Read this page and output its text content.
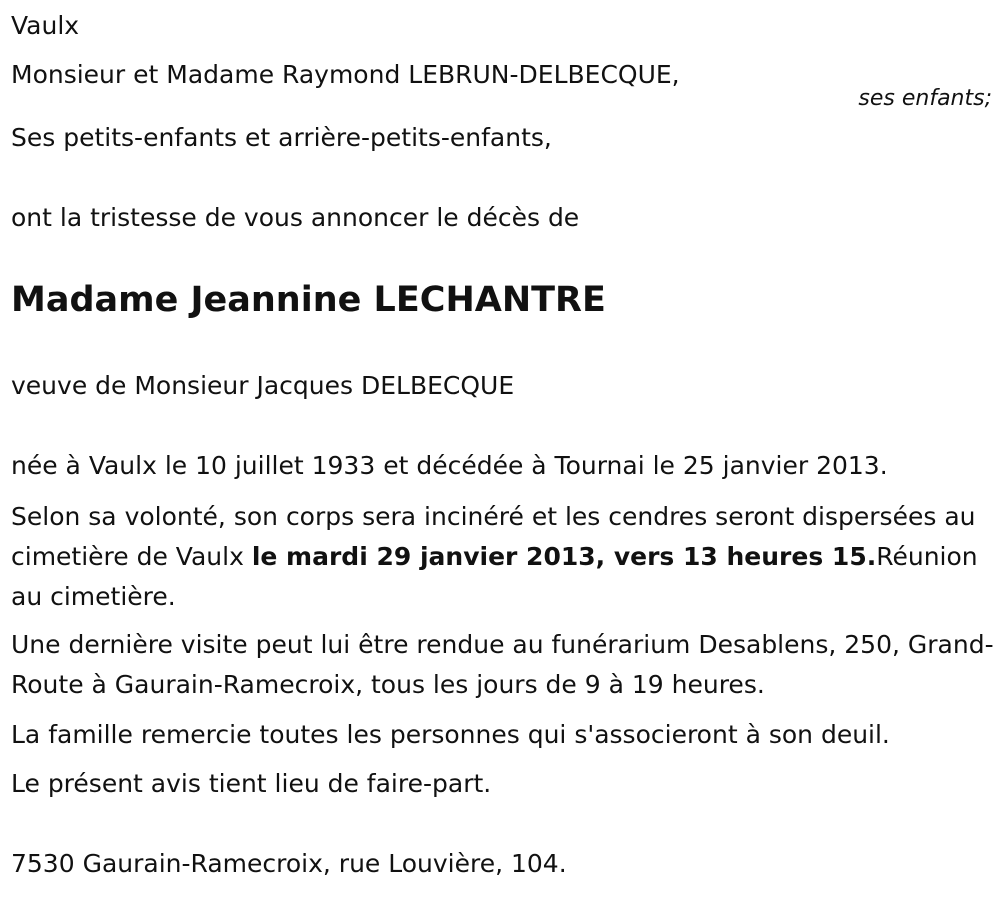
Vaulx

Monsieur et Madame Raymond LEBRUN-DELBECQUE,

ses enfants;

Ses petits-enfants et arrière-petits-enfants,

ont la tristesse de vous annoncer le décès de

Madame Jeannine LECHANTRE

veuve de Monsieur Jacques DELBECQUE

née à Vaulx le 10 juillet 1933 et décédée à Tournai le 25 janvier 2013.

Selon sa volonté, son corps sera incinéré et les cendres seront dispersées au cimetière de Vaulx le mardi 29 janvier 2013, vers 13 heures 15.Réunion au cimetière.

Une dernière visite peut lui être rendue au funérarium Desablens, 250, Grand-Route à Gaurain-Ramecroix, tous les jours de 9 à 19 heures.

La famille remercie toutes les personnes qui s'associeront à son deuil.

Le présent avis tient lieu de faire-part.

7530 Gaurain-Ramecroix, rue Louvière, 104.
